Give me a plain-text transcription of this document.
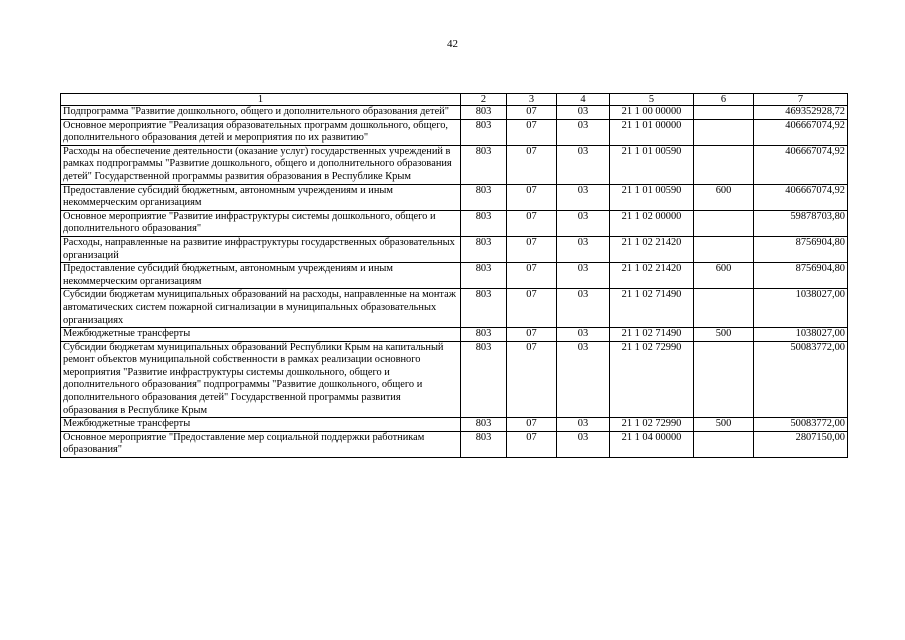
42
1	2	3	4	5	6	7
Подпрограмма "Развитие дошкольного, общего и дополнительного образования детей"	803	07	03	21 1 00 00000		469352928,72
Основное мероприятие "Реализация образовательных программ дошкольного, общего, дополнительного образования детей и мероприятия по их развитию"	803	07	03	21 1 01 00000		406667074,92
Расходы на обеспечение деятельности (оказание услуг) государственных учреждений в рамках подпрограммы "Развитие дошкольного, общего и дополнительного образования детей" Государственной программы развития образования в Республике Крым	803	07	03	21 1 01 00590		406667074,92
Предоставление субсидий бюджетным, автономным учреждениям и иным некоммерческим организациям	803	07	03	21 1 01 00590	600	406667074,92
Основное мероприятие "Развитие инфраструктуры системы дошкольного, общего и дополнительного образования"	803	07	03	21 1 02 00000		59878703,80
Расходы, направленные на развитие инфраструктуры государственных образовательных организаций	803	07	03	21 1 02 21420		8756904,80
Предоставление субсидий бюджетным, автономным учреждениям и иным некоммерческим организациям	803	07	03	21 1 02 21420	600	8756904,80
Субсидии бюджетам муниципальных образований на расходы, направленные на монтаж автоматических систем пожарной сигнализации в муниципальных образовательных организациях	803	07	03	21 1 02 71490		1038027,00
Межбюджетные трансферты	803	07	03	21 1 02 71490	500	1038027,00
Субсидии бюджетам муниципальных образований Республики Крым на капитальный ремонт объектов муниципальной собственности в рамках реализации основного мероприятия "Развитие инфраструктуры системы дошкольного, общего и дополнительного образования" подпрограммы "Развитие дошкольного, общего и дополнительного образования детей" Государственной программы развития образования в Республике Крым	803	07	03	21 1 02 72990		50083772,00
Межбюджетные трансферты	803	07	03	21 1 02 72990	500	50083772,00
Основное мероприятие "Предоставление мер социальной поддержки работникам образования"	803	07	03	21 1 04 00000		2807150,00
